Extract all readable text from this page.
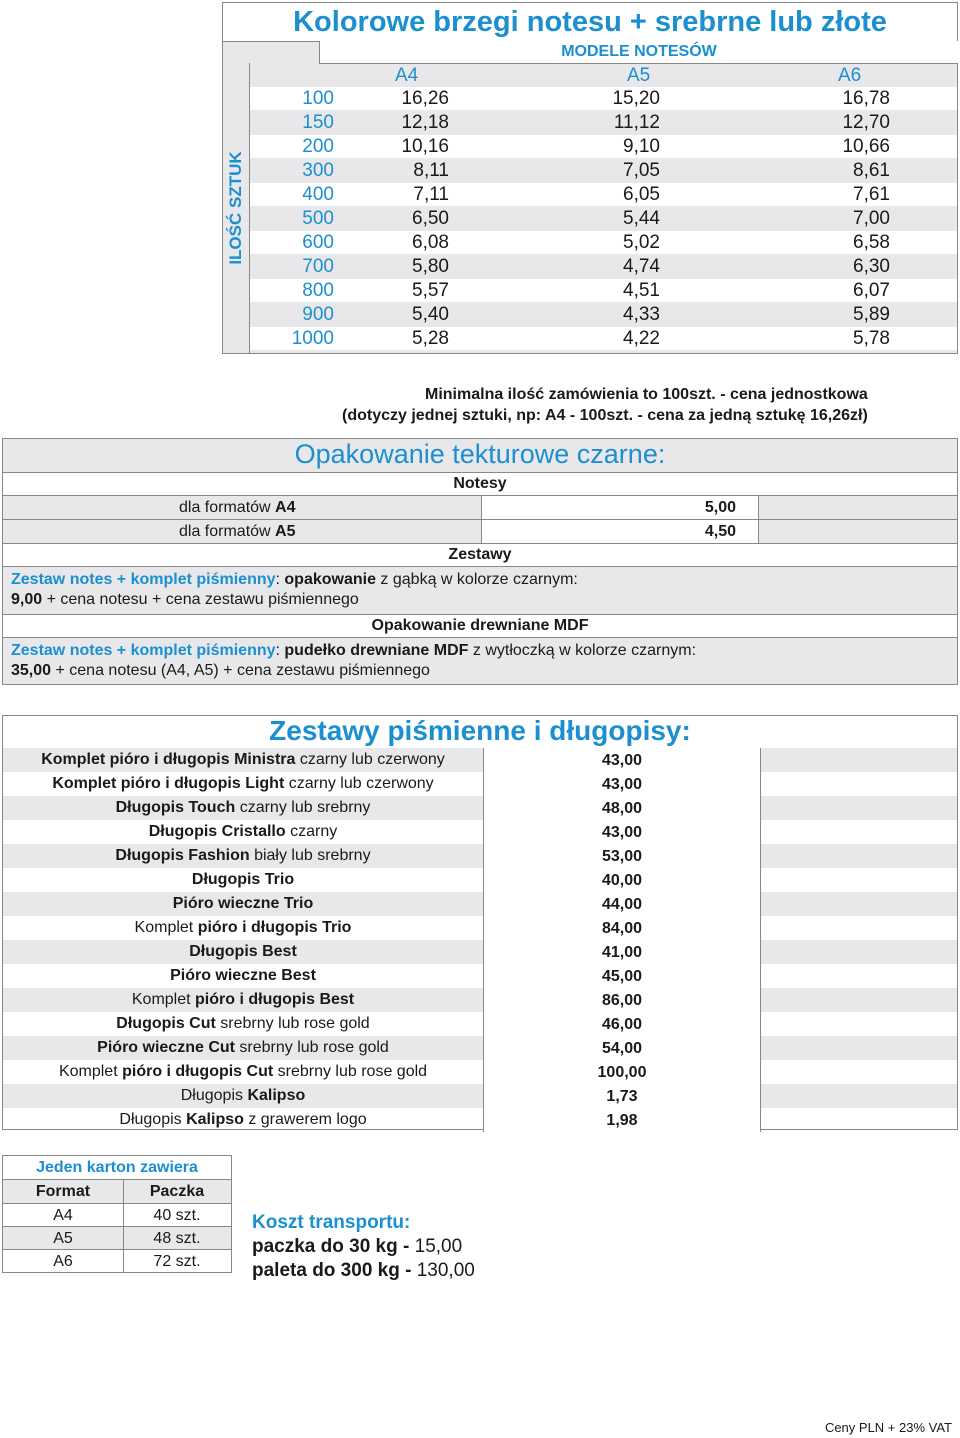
Kolorowe brzegi notesu + srebrne lub złote
MODELE NOTESÓW
ILOŚĆ SZTUK
A4	A5	A6
100	16,26	15,20	16,78
150	12,18	11,12	12,70
200	10,16	9,10	10,66
300	8,11	7,05	8,61
400	7,11	6,05	7,61
500	6,50	5,44	7,00
600	6,08	5,02	6,58
700	5,80	4,74	6,30
800	5,57	4,51	6,07
900	5,40	4,33	5,89
1000	5,28	4,22	5,78
Minimalna ilość zamówienia to 100szt. - cena jednostkowa
(dotyczy jednej sztuki, np: A4 - 100szt. - cena za jedną sztukę 16,26zł)
Opakowanie tekturowe czarne:
Notesy
dla formatów A4	5,00
dla formatów A5	4,50
Zestawy
Zestaw notes + komplet piśmienny: opakowanie z gąbką w kolorze czarnym:
9,00 + cena notesu + cena zestawu piśmiennego
Opakowanie drewniane MDF
Zestaw notes + komplet piśmienny: pudełko drewniane MDF z wytłoczką w kolorze czarnym:
35,00 + cena notesu (A4, A5) + cena zestawu piśmiennego
Zestawy piśmienne i długopisy:
Komplet pióro i długopis Ministra czarny lub czerwony	43,00
Komplet pióro i długopis Light czarny lub czerwony	43,00
Długopis Touch czarny lub srebrny	48,00
Długopis Cristallo czarny	43,00
Długopis Fashion biały lub srebrny	53,00
Długopis Trio	40,00
Pióro wieczne Trio	44,00
Komplet pióro i długopis Trio	84,00
Długopis Best	41,00
Pióro wieczne Best	45,00
Komplet pióro i długopis Best	86,00
Długopis Cut srebrny lub rose gold	46,00
Pióro wieczne Cut srebrny lub rose gold	54,00
Komplet pióro i długopis Cut srebrny lub rose gold	100,00
Długopis Kalipso	1,73
Długopis Kalipso z grawerem logo	1,98
Jeden karton zawiera
Format	Paczka
A4	40 szt.
A5	48 szt.
A6	72 szt.
Koszt transportu:
paczka do 30 kg - 15,00
paleta do 300 kg - 130,00
Ceny PLN + 23% VAT
